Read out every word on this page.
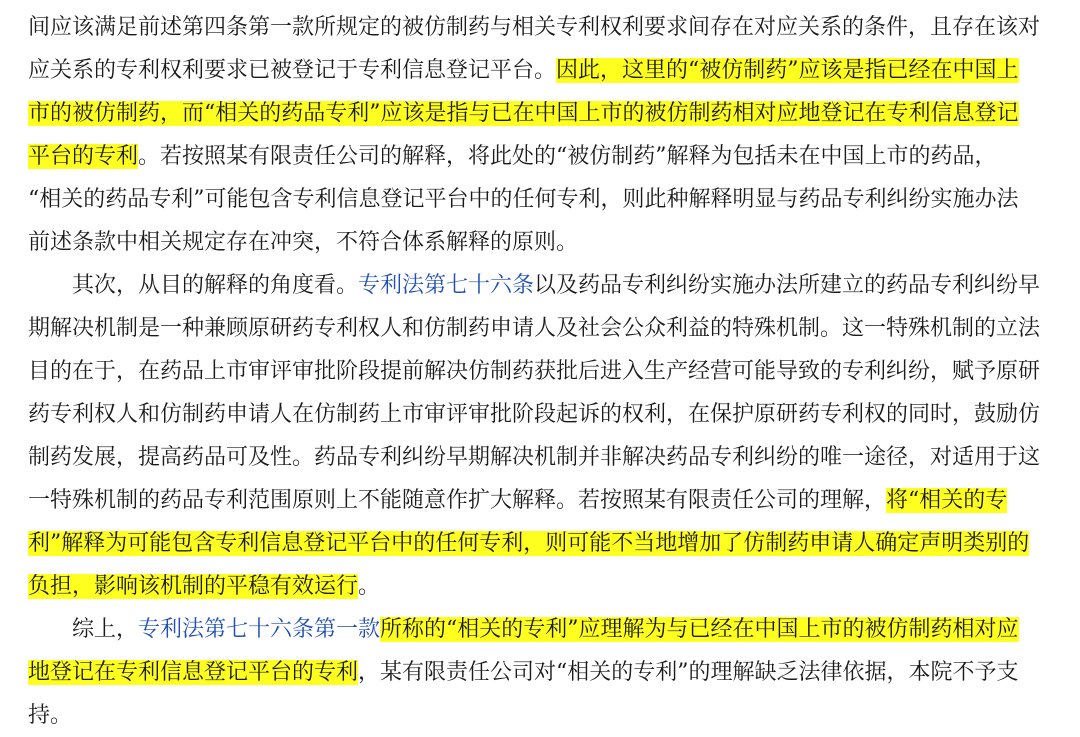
间应该满足前述第四条第一款所规定的被仿制药与相关专利权利要求间存在对应关系的条件，且存在该对
应关系的专利权利要求已被登记于专利信息登记平台。因此，这里的“被仿制药”应该是指已经在中国上
市的被仿制药，而“相关的药品专利”应该是指与已在中国上市的被仿制药相对应地登记在专利信息登记
平台的专利。若按照某有限责任公司的解释，将此处的“被仿制药”解释为包括未在中国上市的药品，
“相关的药品专利”可能包含专利信息登记平台中的任何专利，则此种解释明显与药品专利纠纷实施办法
前述条款中相关规定存在冲突，不符合体系解释的原则。
其次，从目的解释的角度看。专利法第七十六条以及药品专利纠纷实施办法所建立的药品专利纠纷早
期解决机制是一种兼顾原研药专利权人和仿制药申请人及社会公众利益的特殊机制。这一特殊机制的立法
目的在于，在药品上市审评审批阶段提前解决仿制药获批后进入生产经营可能导致的专利纠纷，赋予原研
药专利权人和仿制药申请人在仿制药上市审评审批阶段起诉的权利，在保护原研药专利权的同时，鼓励仿
制药发展，提高药品可及性。药品专利纠纷早期解决机制并非解决药品专利纠纷的唯一途径，对适用于这
一特殊机制的药品专利范围原则上不能随意作扩大解释。若按照某有限责任公司的理解，将“相关的专
利”解释为可能包含专利信息登记平台中的任何专利，则可能不当地增加了仿制药申请人确定声明类别的
负担，影响该机制的平稳有效运行。
综上，专利法第七十六条第一款所称的“相关的专利”应理解为与已经在中国上市的被仿制药相对应
地登记在专利信息登记平台的专利，某有限责任公司对“相关的专利”的理解缺乏法律依据，本院不予支
持。
